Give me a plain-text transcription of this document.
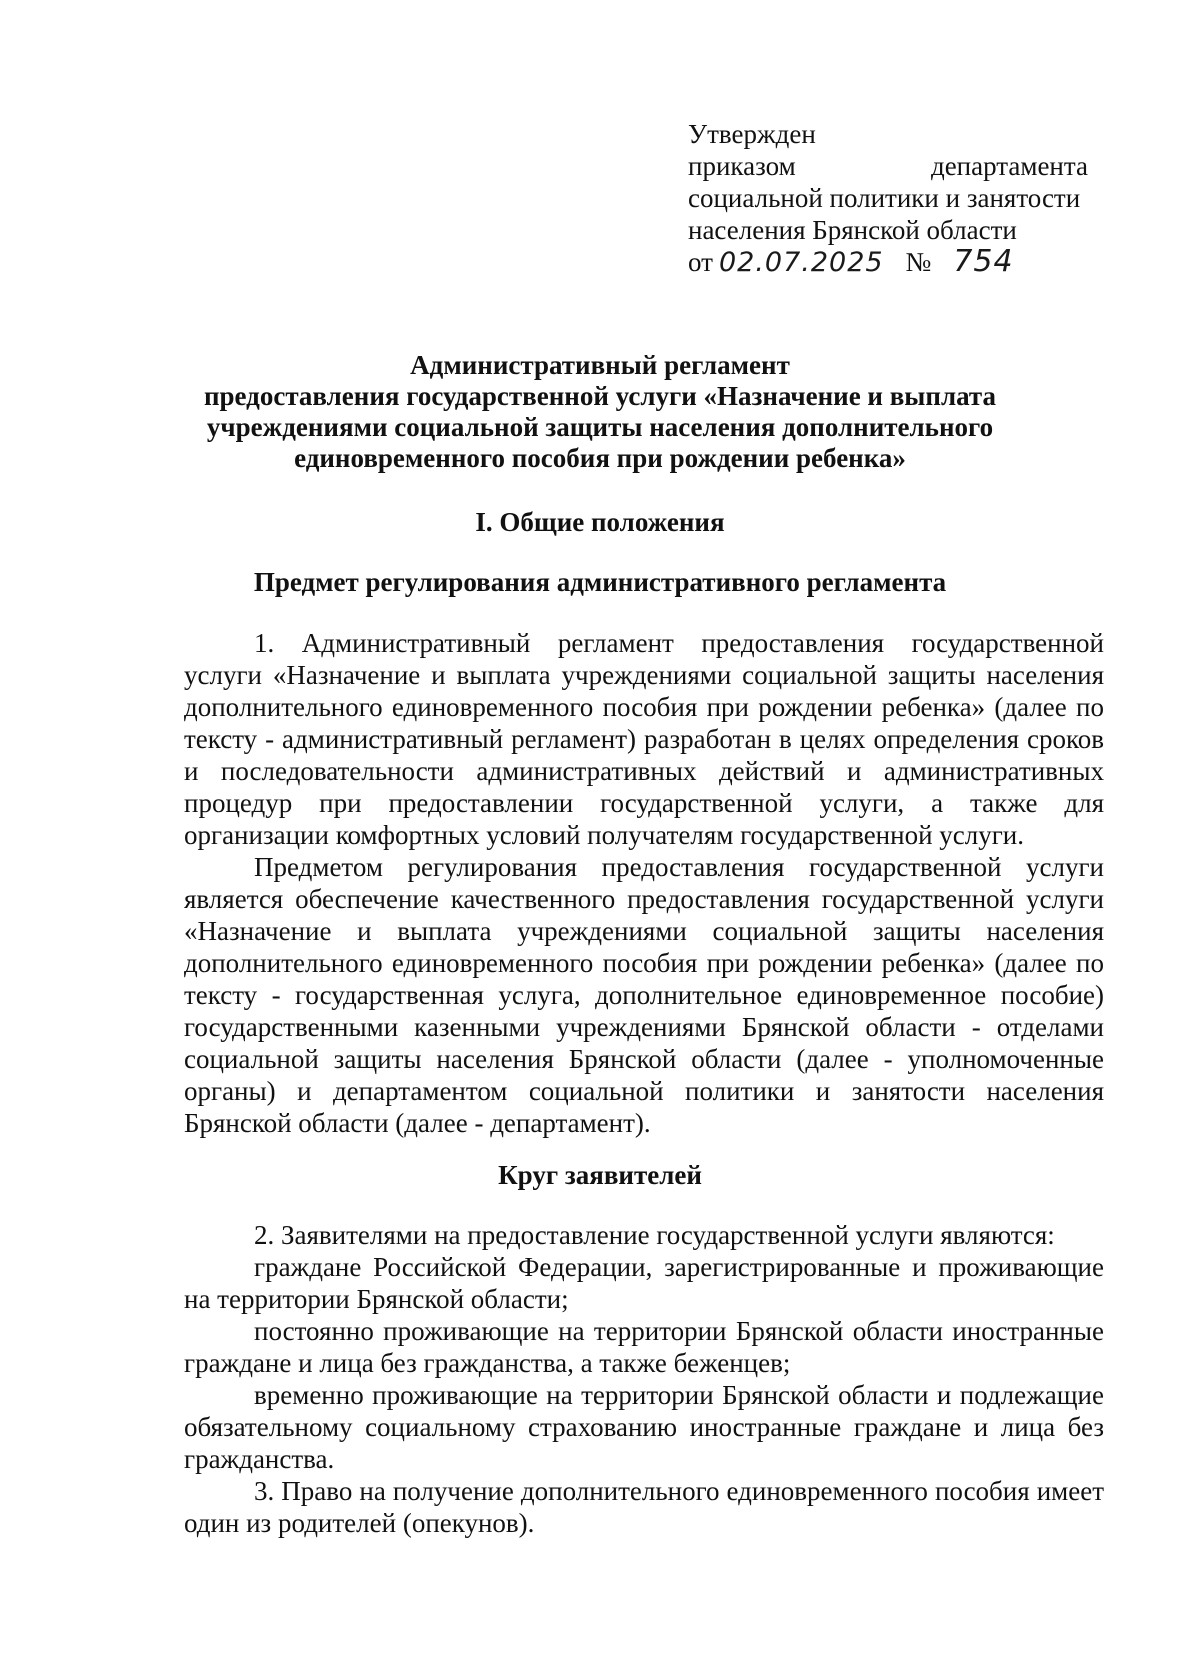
Утвержден
приказом	департамента
социальной политики и занятости
населения Брянской области
от 02.07.2025 № 754
Административный регламент
предоставления государственной услуги «Назначение и выплата
учреждениями социальной защиты населения дополнительного
единовременного пособия при рождении ребенка»
I. Общие положения
Предмет регулирования административного регламента

1. Административный регламент предоставления государственной услуги «Назначение и выплата учреждениями социальной защиты населения дополнительного единовременного пособия при рождении ребенка» (далее по тексту - административный регламент) разработан в целях определения сроков и последовательности административных действий и административных процедур при предоставлении государственной услуги, а также для организации комфортных условий получателям государственной услуги.

Предметом регулирования предоставления государственной услуги является обеспечение качественного предоставления государственной услуги «Назначение и выплата учреждениями социальной защиты населения дополнительного единовременного пособия при рождении ребенка» (далее по тексту - государственная услуга, дополнительное единовременное пособие) государственными казенными учреждениями Брянской области - отделами социальной защиты населения Брянской области (далее - уполномоченные органы) и департаментом социальной политики и занятости населения Брянской области (далее - департамент).

Круг заявителей

2. Заявителями на предоставление государственной услуги являются:

граждане Российской Федерации, зарегистрированные и проживающие на территории Брянской области;

постоянно проживающие на территории Брянской области иностранные граждане и лица без гражданства, а также беженцев;

временно проживающие на территории Брянской области и подлежащие обязательному социальному страхованию иностранные граждане и лица без гражданства.

3. Право на получение дополнительного единовременного пособия имеет один из родителей (опекунов).
